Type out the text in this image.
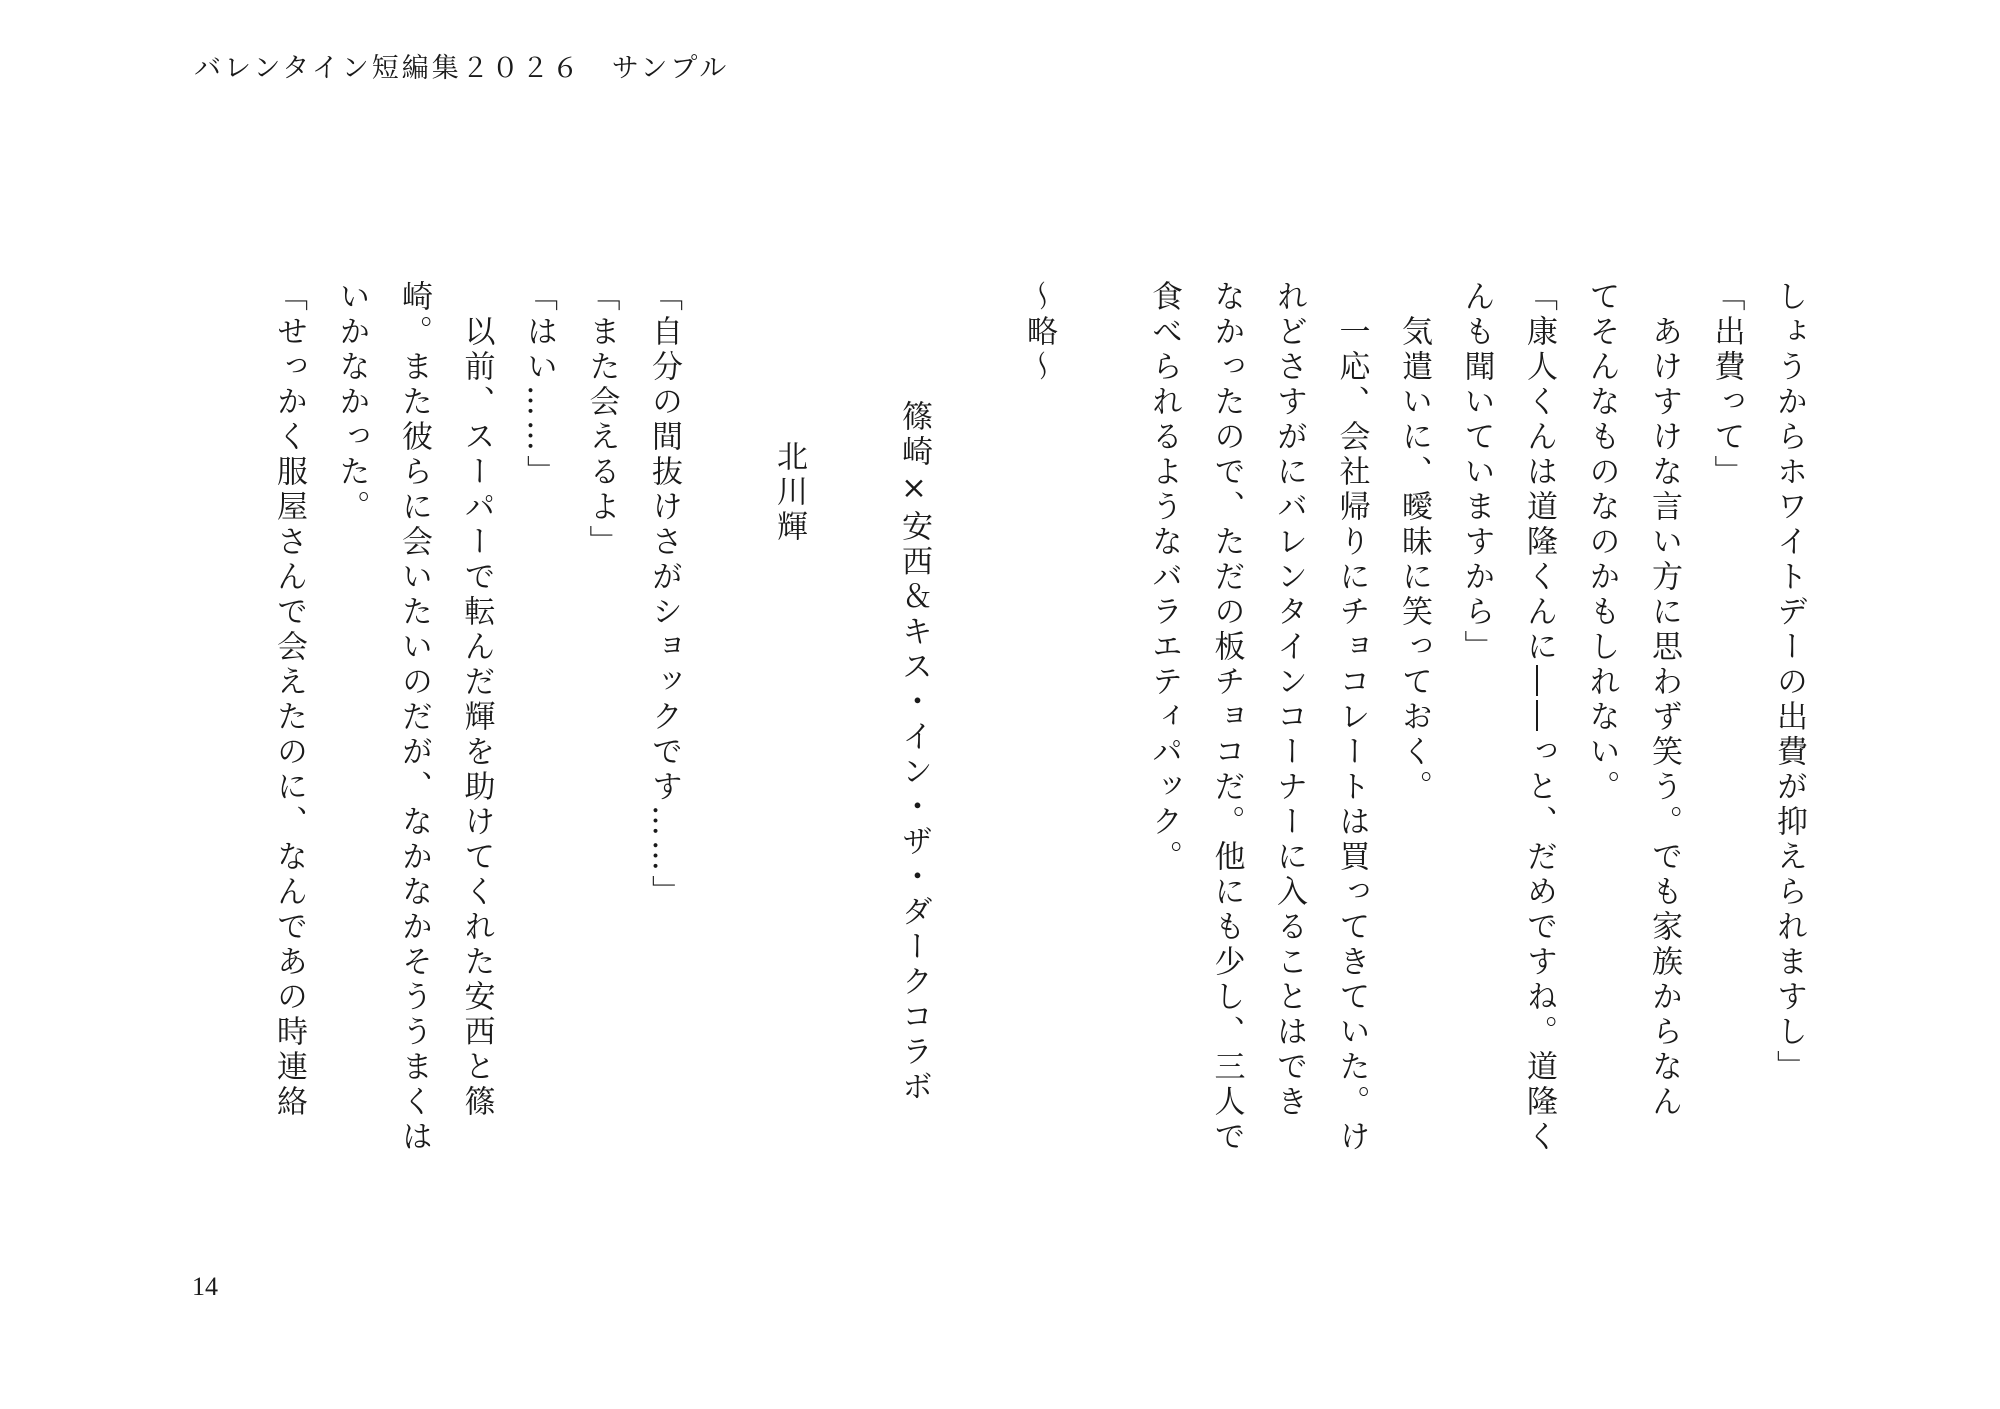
バレンタイン短編集２０２６　サンプル

しょうからホワイトデーの出費が抑えられますし」

「出費って」

　あけすけな言い方に思わず笑う。でも家族からなん

てそんなものなのかもしれない。

「康人くんは道隆くんに――っと、だめですね。道隆く

んも聞いていますから」

　気遣いに、曖昧に笑っておく。

　一応、会社帰りにチョコレートは買ってきていた。け

れどさすがにバレンタインコーナーに入ることはでき

なかったので、ただの板チョコだ。他にも少し、三人で

食べられるようなバラエティパック。

～略～

篠崎×安西＆キス・イン・ザ・ダークコラボ

北川輝

「自分の間抜けさがショックです……」

「また会えるよ」

「はい……」

　以前、スーパーで転んだ輝を助けてくれた安西と篠

崎。また彼らに会いたいのだが、なかなかそううまくは

いかなかった。

「せっかく服屋さんで会えたのに、なんであの時連絡

14
